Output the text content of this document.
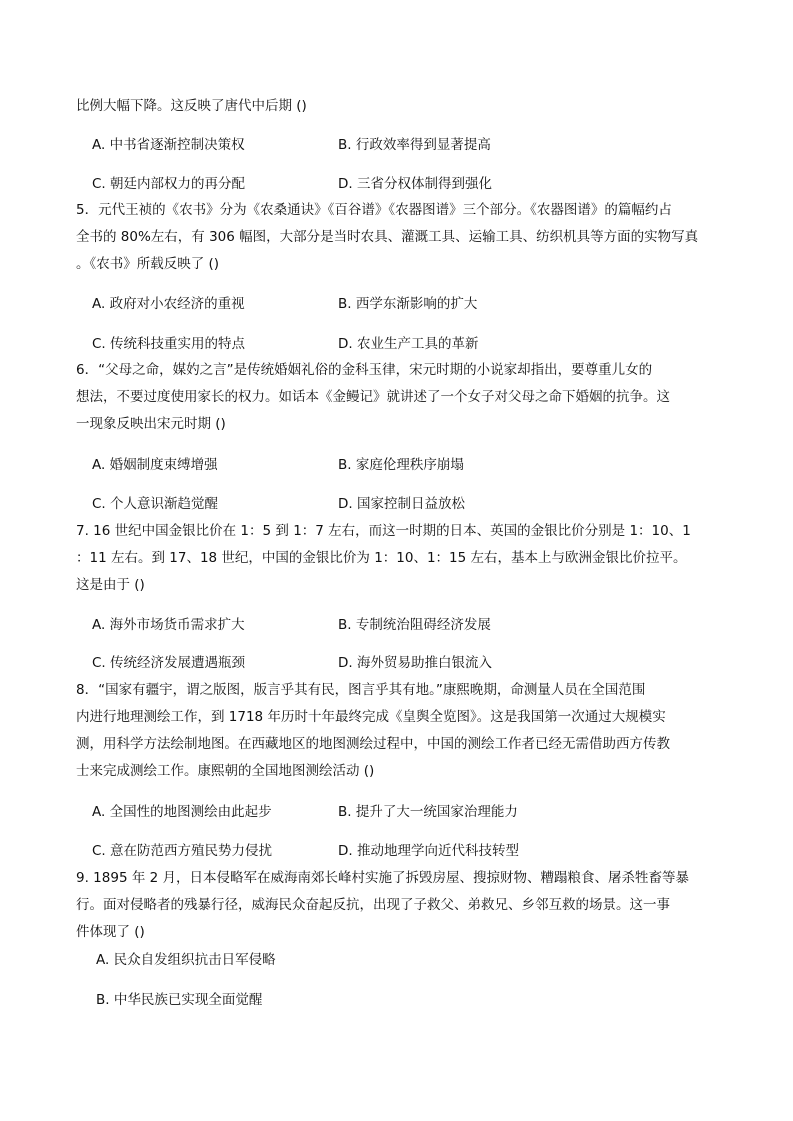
比例大幅下降。这反映了唐代中后期 ()
A. 中书省逐渐控制决策权	B. 行政效率得到显著提高
C. 朝廷内部权力的再分配	D. 三省分权体制得到强化
5．元代王祯的《农书》分为《农桑通诀》《百谷谱》《农器图谱》三个部分。《农器图谱》的篇幅约占
全书的 80%左右，有 306 幅图，大部分是当时农具、灌溉工具、运输工具、纺织机具等方面的实物写真
。《农书》所载反映了 ()
A. 政府对小农经济的重视	B. 西学东渐影响的扩大
C. 传统科技重实用的特点	D. 农业生产工具的革新
6．“父母之命，媒妁之言”是传统婚姻礼俗的金科玉律，宋元时期的小说家却指出，要尊重儿女的
想法，不要过度使用家长的权力。如话本《金鳗记》就讲述了一个女子对父母之命下婚姻的抗争。这
一现象反映出宋元时期 ()
A. 婚姻制度束缚增强	B. 家庭伦理秩序崩塌
C. 个人意识渐趋觉醒	D. 国家控制日益放松
7. 16 世纪中国金银比价在 1：5 到 1：7 左右，而这一时期的日本、英国的金银比价分别是 1：10、1
：11 左右。到 17、18 世纪，中国的金银比价为 1：10、1：15 左右，基本上与欧洲金银比价拉平。
这是由于 ()
A. 海外市场货币需求扩大	B. 专制统治阻碍经济发展
C. 传统经济发展遭遇瓶颈	D. 海外贸易助推白银流入
8．“国家有疆宇，谓之版图，版言乎其有民，图言乎其有地。”康熙晚期，命测量人员在全国范围
内进行地理测绘工作，到 1718 年历时十年最终完成《皇舆全览图》。这是我国第一次通过大规模实
测，用科学方法绘制地图。在西藏地区的地图测绘过程中，中国的测绘工作者已经无需借助西方传教
士来完成测绘工作。康熙朝的全国地图测绘活动 ()
A. 全国性的地图测绘由此起步	B. 提升了大一统国家治理能力
C. 意在防范西方殖民势力侵扰	D. 推动地理学向近代科技转型
9. 1895 年 2 月，日本侵略军在威海南郊长峰村实施了拆毁房屋、搜掠财物、糟蹋粮食、屠杀牲畜等暴
行。面对侵略者的残暴行径，威海民众奋起反抗，出现了子救父、弟救兄、乡邻互救的场景。这一事
件体现了 ()
A. 民众自发组织抗击日军侵略
B. 中华民族已实现全面觉醒
